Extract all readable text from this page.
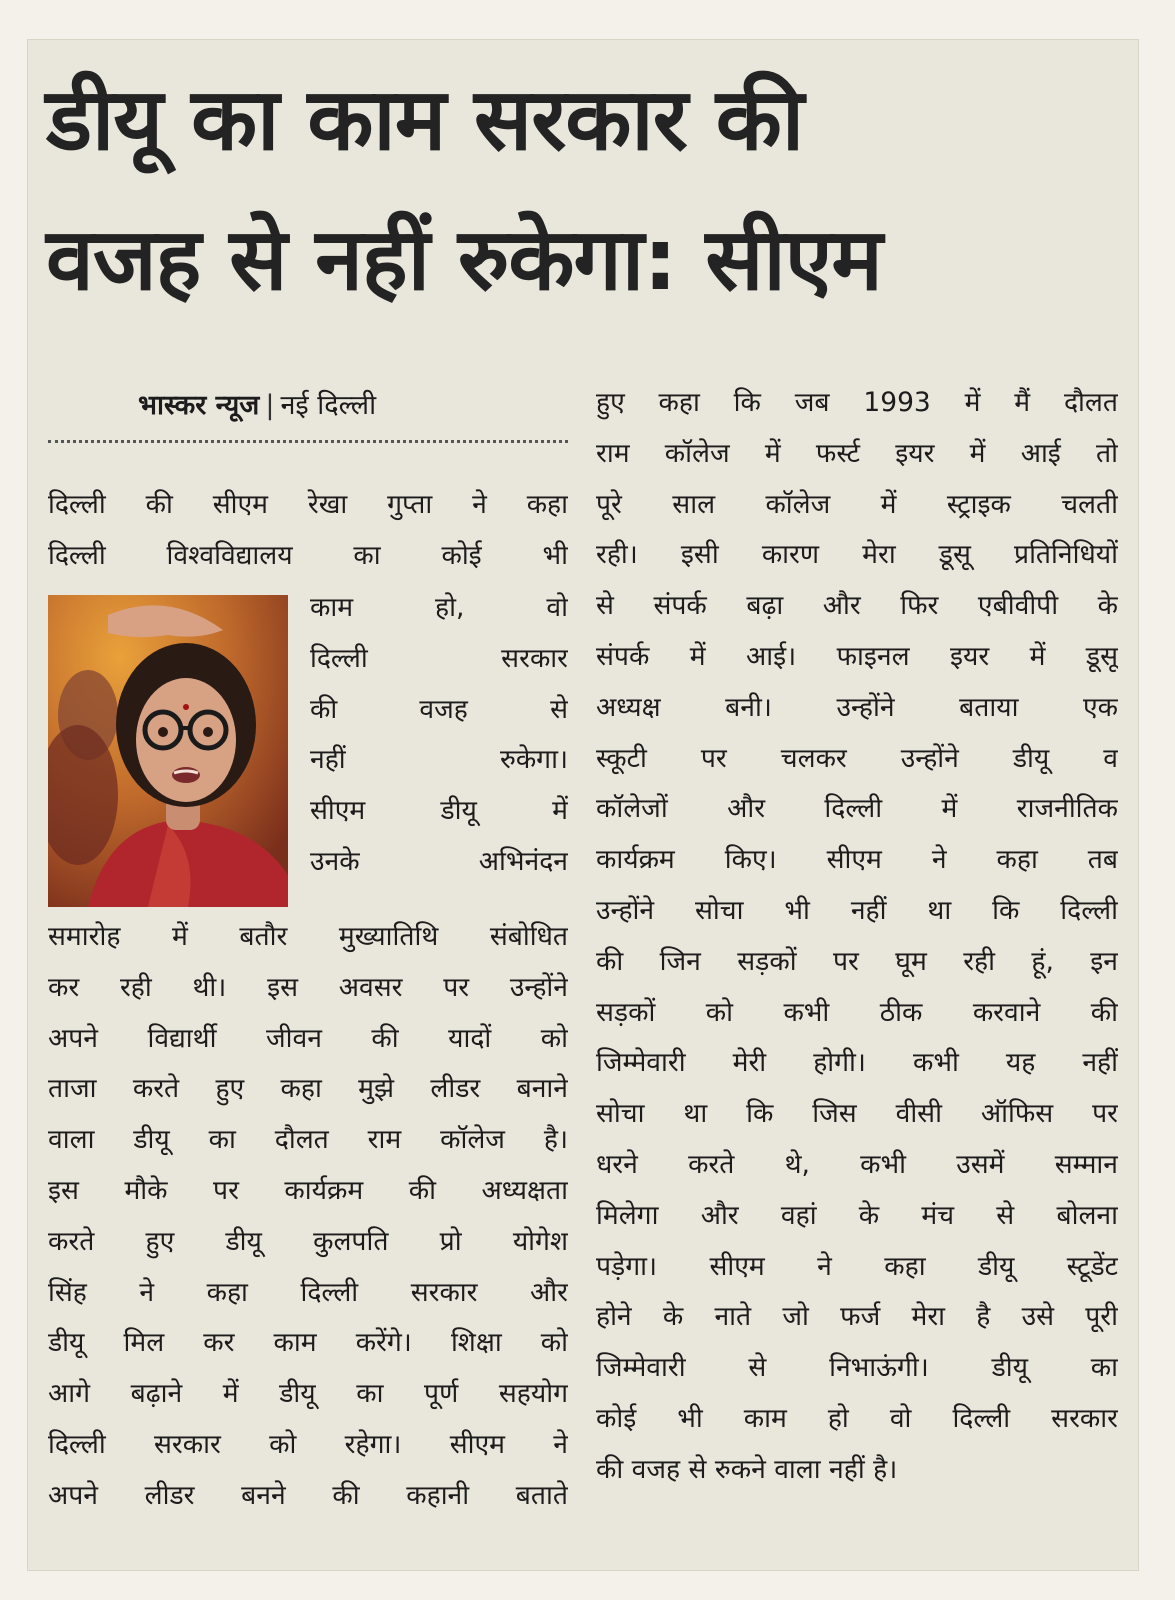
डीयू का काम सरकार की
वजह से नहीं रुकेगा: सीएम
भास्कर न्यूज | नई दिल्ली
दिल्ली की सीएम रेखा गुप्ता ने कहा
दिल्ली विश्वविद्यालय का कोई भी
काम हो, वो
दिल्ली सरकार
की वजह से
नहीं रुकेगा।
सीएम डीयू में
उनके अभिनंदन
समारोह में बतौर मुख्यातिथि संबोधित
कर रही थी। इस अवसर पर उन्होंने
अपने विद्यार्थी जीवन की यादों को
ताजा करते हुए कहा मुझे लीडर बनाने
वाला डीयू का दौलत राम कॉलेज है।
इस मौके पर कार्यक्रम की अध्यक्षता
करते हुए डीयू कुलपति प्रो योगेश
सिंह ने कहा दिल्ली सरकार और
डीयू मिल कर काम करेंगे। शिक्षा को
आगे बढ़ाने में डीयू का पूर्ण सहयोग
दिल्ली सरकार को रहेगा। सीएम ने
अपने लीडर बनने की कहानी बताते
हुए कहा कि जब 1993 में मैं दौलत
राम कॉलेज में फर्स्ट इयर में आई तो
पूरे साल कॉलेज में स्ट्राइक चलती
रही। इसी कारण मेरा डूसू प्रतिनिधियों
से संपर्क बढ़ा और फिर एबीवीपी के
संपर्क में आई। फाइनल इयर में डूसू
अध्यक्ष बनी। उन्होंने बताया एक
स्कूटी पर चलकर उन्होंने डीयू व
कॉलेजों और दिल्ली में राजनीतिक
कार्यक्रम किए। सीएम ने कहा तब
उन्होंने सोचा भी नहीं था कि दिल्ली
की जिन सड़कों पर घूम रही हूं, इन
सड़कों को कभी ठीक करवाने की
जिम्मेवारी मेरी होगी। कभी यह नहीं
सोचा था कि जिस वीसी ऑफिस पर
धरने करते थे, कभी उसमें सम्मान
मिलेगा और वहां के मंच से बोलना
पड़ेगा। सीएम ने कहा डीयू स्टूडेंट
होने के नाते जो फर्ज मेरा है उसे पूरी
जिम्मेवारी से निभाऊंगी। डीयू का
कोई भी काम हो वो दिल्ली सरकार
की वजह से रुकने वाला नहीं है।
